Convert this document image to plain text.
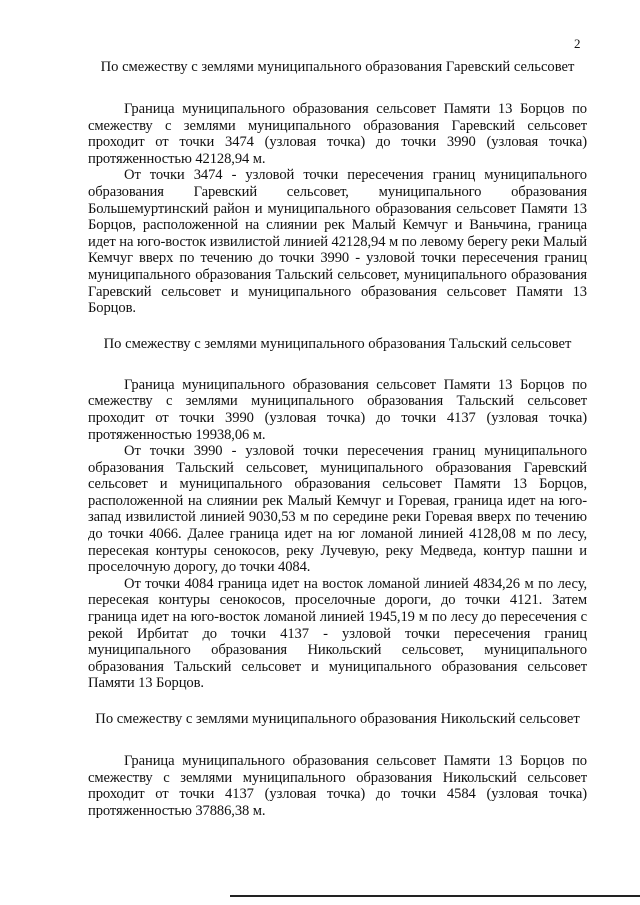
2

По смежеству с землями муниципального образования Гаревский сельсовет

Граница муниципального образования сельсовет Памяти 13 Борцов по смежеству с землями муниципального образования Гаревский сельсовет проходит от точки 3474 (узловая точка) до точки 3990 (узловая точка) протяженностью 42128,94 м.

От точки 3474 - узловой точки пересечения границ муниципального образования Гаревский сельсовет, муниципального образования Большемуртинский район и муниципального образования сельсовет Памяти 13 Борцов, расположенной на слиянии рек Малый Кемчуг и Ваньчина, граница идет на юго-восток извилистой линией 42128,94 м по левому берегу реки Малый Кемчуг вверх по течению до точки 3990 - узловой точки пересечения границ муниципального образования Тальский сельсовет, муниципального образования Гаревский сельсовет и муниципального образования сельсовет Памяти 13 Борцов.

По смежеству с землями муниципального образования Тальский сельсовет

Граница муниципального образования сельсовет Памяти 13 Борцов по смежеству с землями муниципального образования Тальский сельсовет проходит от точки 3990 (узловая точка) до точки 4137 (узловая точка) протяженностью 19938,06 м.

От точки 3990 - узловой точки пересечения границ муниципального образования Тальский сельсовет, муниципального образования Гаревский сельсовет и муниципального образования сельсовет Памяти 13 Борцов, расположенной на слиянии рек Малый Кемчуг и Горевая, граница идет на юго-запад извилистой линией 9030,53 м по середине реки Горевая вверх по течению до точки 4066. Далее граница идет на юг ломаной линией 4128,08 м по лесу, пересекая контуры сенокосов, реку Лучевую, реку Медведа, контур пашни и проселочную дорогу, до точки 4084.

От точки 4084 граница идет на восток ломаной линией 4834,26 м по лесу, пересекая контуры сенокосов, проселочные дороги, до точки 4121. Затем граница идет на юго-восток ломаной линией 1945,19 м по лесу до пересечения с рекой Ирбитат до точки 4137 - узловой точки пересечения границ муниципального образования Никольский сельсовет, муниципального образования Тальский сельсовет и муниципального образования сельсовет Памяти 13 Борцов.

По смежеству с землями муниципального образования Никольский сельсовет

Граница муниципального образования сельсовет Памяти 13 Борцов по смежеству с землями муниципального образования Никольский сельсовет проходит от точки 4137 (узловая точка) до точки 4584 (узловая точка) протяженностью 37886,38 м.
